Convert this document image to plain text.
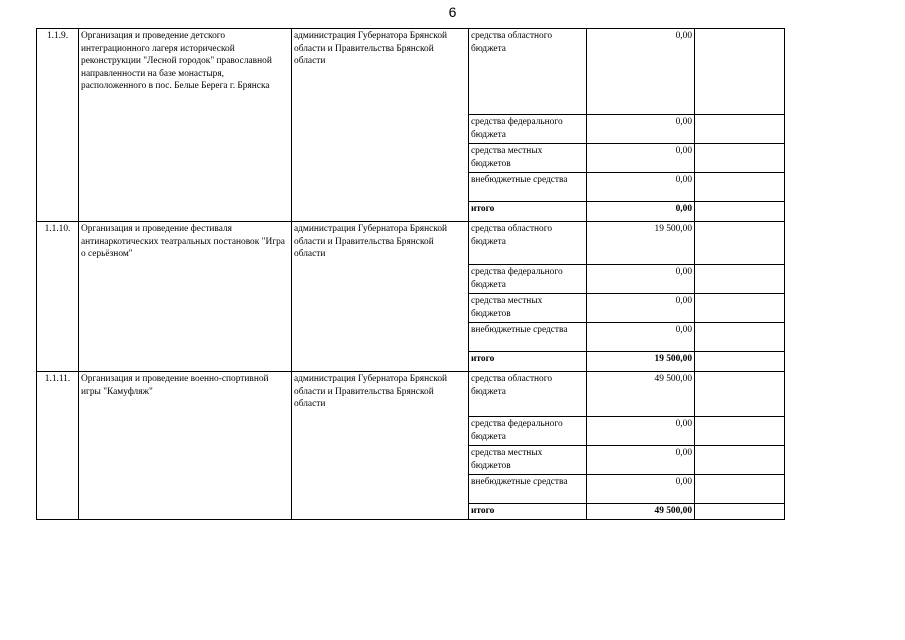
6
1.1.9.	Организация и проведение детского интеграционного лагеря исторической реконструкции "Лесной городок" православной направленности на базе монастыря, расположенного в пос. Белые Берега г. Брянска	администрация Губернатора Брянской области и Правительства Брянской области	средства областного бюджета	0,00	
			средства федерального бюджета	0,00	
			средства местных бюджетов	0,00	
			внебюджетные средства	0,00	
			итого	0,00	
1.1.10.	Организация и проведение фестиваля антинаркотических театральных постановок "Игра о серьёзном"	администрация Губернатора Брянской области и Правительства Брянской области	средства областного бюджета	19 500,00	
			средства федерального бюджета	0,00	
			средства местных бюджетов	0,00	
			внебюджетные средства	0,00	
			итого	19 500,00	
1.1.11.	Организация и проведение военно-спортивной игры "Камуфляж"	администрация Губернатора Брянской области и Правительства Брянской области	средства областного бюджета	49 500,00	
			средства федерального бюджета	0,00	
			средства местных бюджетов	0,00	
			внебюджетные средства	0,00	
			итого	49 500,00	
